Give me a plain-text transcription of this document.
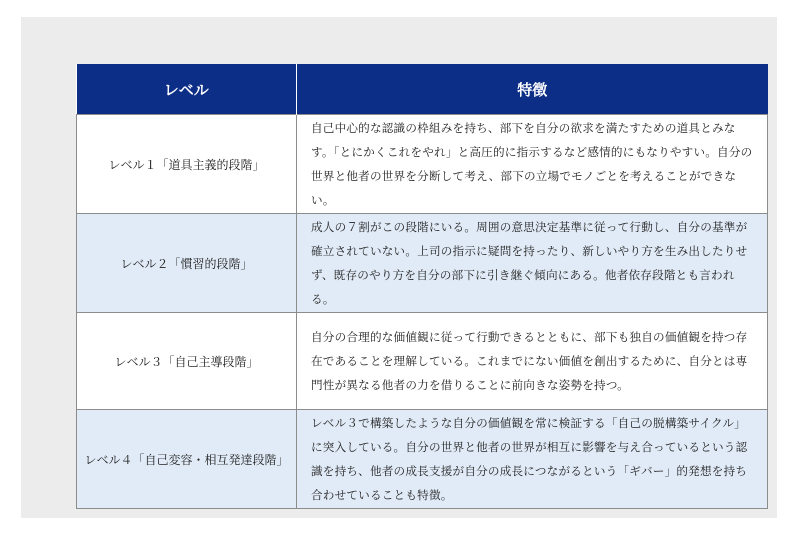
レベル	特徴
レベル１「道具主義的段階」	自己中心的な認識の枠組みを持ち、部下を自分の欲求を満たすための道具とみなす。「とにかくこれをやれ」と高圧的に指示するなど感情的にもなりやすい。自分の世界と他者の世界を分断して考え、部下の立場でモノごとを考えることができない。
レベル２「慣習的段階」	成人の７割がこの段階にいる。周囲の意思決定基準に従って行動し、自分の基準が確立されていない。上司の指示に疑問を持ったり、新しいやり方を生み出したりせず、既存のやり方を自分の部下に引き継ぐ傾向にある。他者依存段階とも言われる。
レベル３「自己主導段階」	自分の合理的な価値観に従って行動できるとともに、部下も独自の価値観を持つ存在であることを理解している。これまでにない価値を創出するために、自分とは専門性が異なる他者の力を借りることに前向きな姿勢を持つ。
レベル４「自己変容・相互発達段階」	レベル３で構築したような自分の価値観を常に検証する「自己の脱構築サイクル」に突入している。自分の世界と他者の世界が相互に影響を与え合っているという認識を持ち、他者の成長支援が自分の成長につながるという「ギバー」的発想を持ち合わせていることも特徴。
